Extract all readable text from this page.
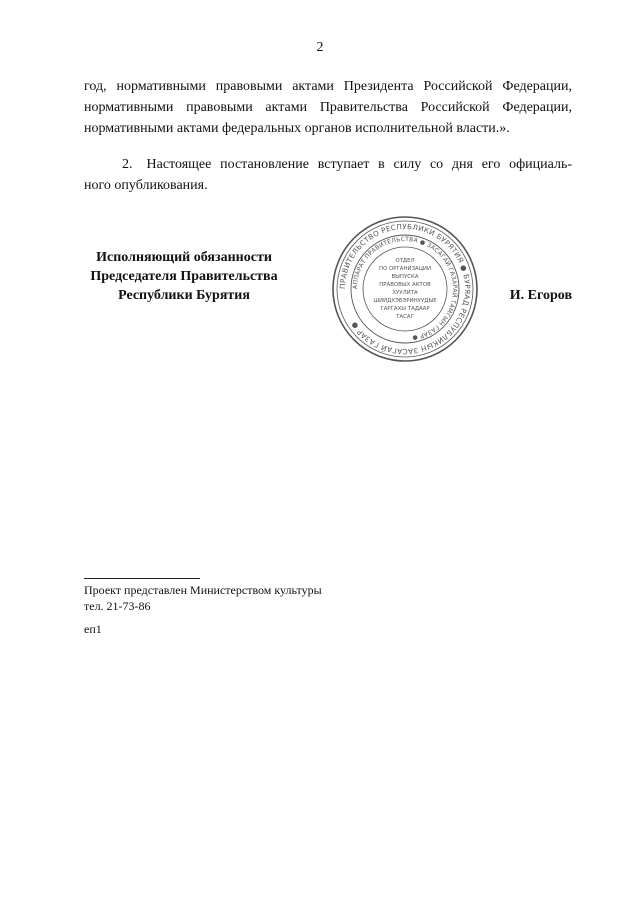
2
год, нормативными правовыми актами Президента Российской Федерации,
нормативными правовыми актами Правительства Российской Федерации,
нормативными актами федеральных органов исполнительной власти.».
2. Настоящее постановление вступает в силу со дня его официаль-
ного опубликования.
Исполняющий обязанности
Председателя Правительства
Республики Бурятия
ПРАВИТЕЛЬСТВО РЕСПУБЛИКИ БУРЯТИЯ ● БУРЯАД РЕСПУБЛИКЫН ЗАСАГАЙ ГАЗАР ●
АППАРАТ ПРАВИТЕЛЬСТВА ● ЗАСАГАЙ ГАЗАРАЙ ТАМГЫН ГАЗАР ●
ОТДЕЛ
ПО ОРГАНИЗАЦИИ
ВЫПУСКА
ПРАВОВЫХ АКТОВ
ХУУЛИТА
ШИИДХЭБЭРИНУУДЫЕ
ГАРГАХЫ ТАДААР
ТАСАГ
И. Егоров
Проект представлен Министерством культуры
тел. 21-73-86
еп1
